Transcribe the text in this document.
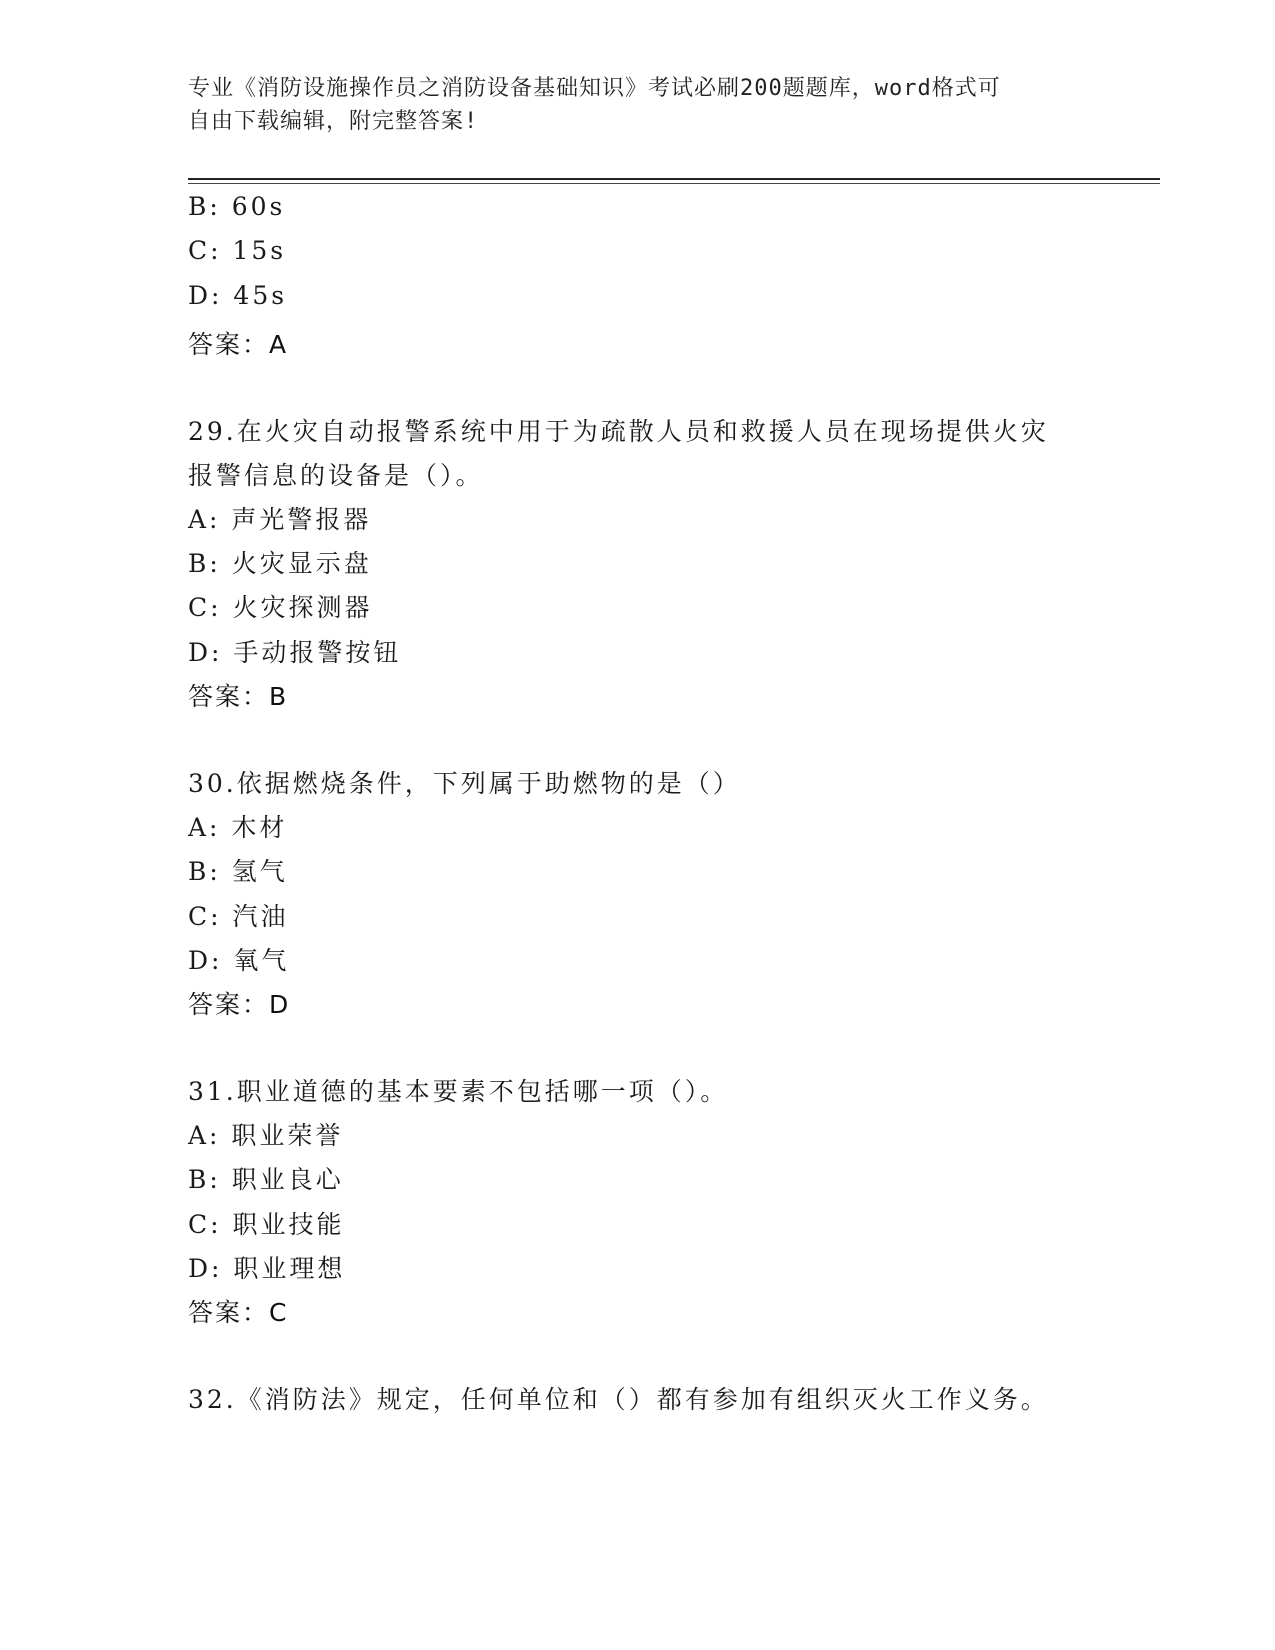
专业《消防设施操作员之消防设备基础知识》考试必刷200题题库，word格式可
自由下载编辑，附完整答案!
B: 60s
C: 15s
D: 45s
答案：A
29.在火灾自动报警系统中用于为疏散人员和救援人员在现场提供火灾
报警信息的设备是（）。
A: 声光警报器
B: 火灾显示盘
C: 火灾探测器
D: 手动报警按钮
答案：B
30.依据燃烧条件，下列属于助燃物的是（）
A: 木材
B: 氢气
C: 汽油
D: 氧气
答案：D
31.职业道德的基本要素不包括哪一项（）。
A: 职业荣誉
B: 职业良心
C: 职业技能
D: 职业理想
答案：C
32.《消防法》规定，任何单位和（）都有参加有组织灭火工作义务。
